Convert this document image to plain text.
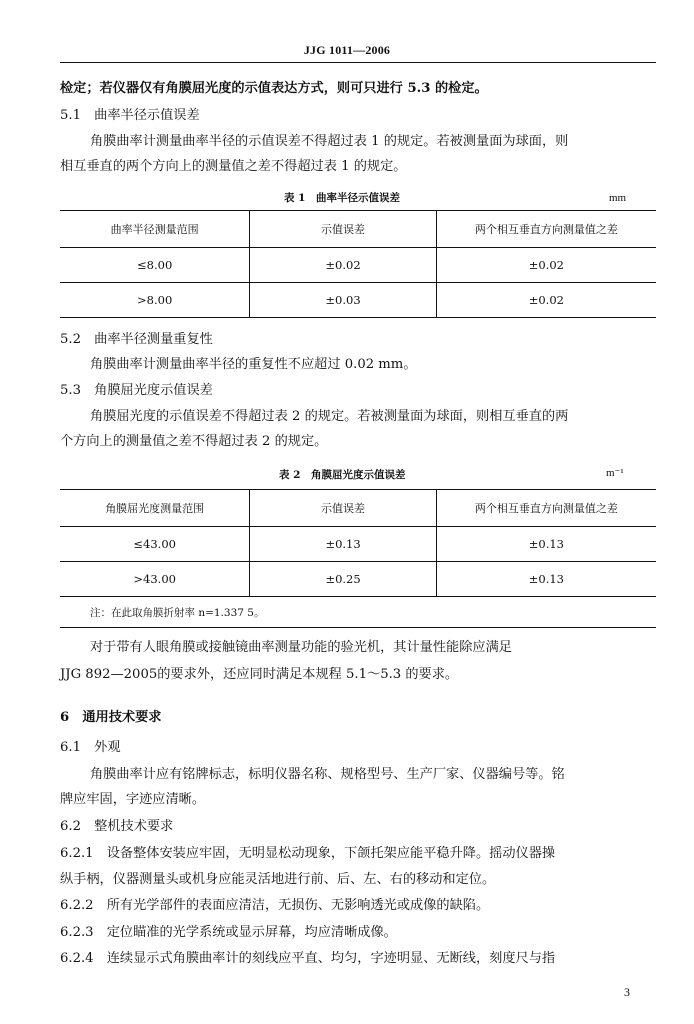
JJG 1011—2006
检定；若仪器仅有角膜屈光度的示值表达方式，则可只进行 5.3 的检定。
5.1　曲率半径示值误差
角膜曲率计测量曲率半径的示值误差不得超过表 1 的规定。若被测量面为球面，则
相互垂直的两个方向上的测量值之差不得超过表 1 的规定。
表 1　曲率半径示值误差	mm
曲率半径测量范围	示值误差	两个相互垂直方向测量值之差
≤8.00	±0.02	±0.02
>8.00	±0.03	±0.02
5.2　曲率半径测量重复性
角膜曲率计测量曲率半径的重复性不应超过 0.02 mm。
5.3　角膜屈光度示值误差
角膜屈光度的示值误差不得超过表 2 的规定。若被测量面为球面，则相互垂直的两
个方向上的测量值之差不得超过表 2 的规定。
表 2　角膜屈光度示值误差	m⁻¹
角膜屈光度测量范围	示值误差	两个相互垂直方向测量值之差
≤43.00	±0.13	±0.13
>43.00	±0.25	±0.13
注：在此取角膜折射率 n=1.337 5。		
对于带有人眼角膜或接触镜曲率测量功能的验光机，其计量性能除应满足
JJG 892—2005的要求外，还应同时满足本规程 5.1～5.3 的要求。
6　通用技术要求
6.1　外观
角膜曲率计应有铭牌标志，标明仪器名称、规格型号、生产厂家、仪器编号等。铭
牌应牢固，字迹应清晰。
6.2　整机技术要求
6.2.1　设备整体安装应牢固，无明显松动现象，下颌托架应能平稳升降。摇动仪器操
纵手柄，仪器测量头或机身应能灵活地进行前、后、左、右的移动和定位。
6.2.2　所有光学部件的表面应清洁，无损伤、无影响透光或成像的缺陷。
6.2.3　定位瞄准的光学系统或显示屏幕，均应清晰成像。
6.2.4　连续显示式角膜曲率计的刻线应平直、均匀，字迹明显、无断线，刻度尺与指
3
